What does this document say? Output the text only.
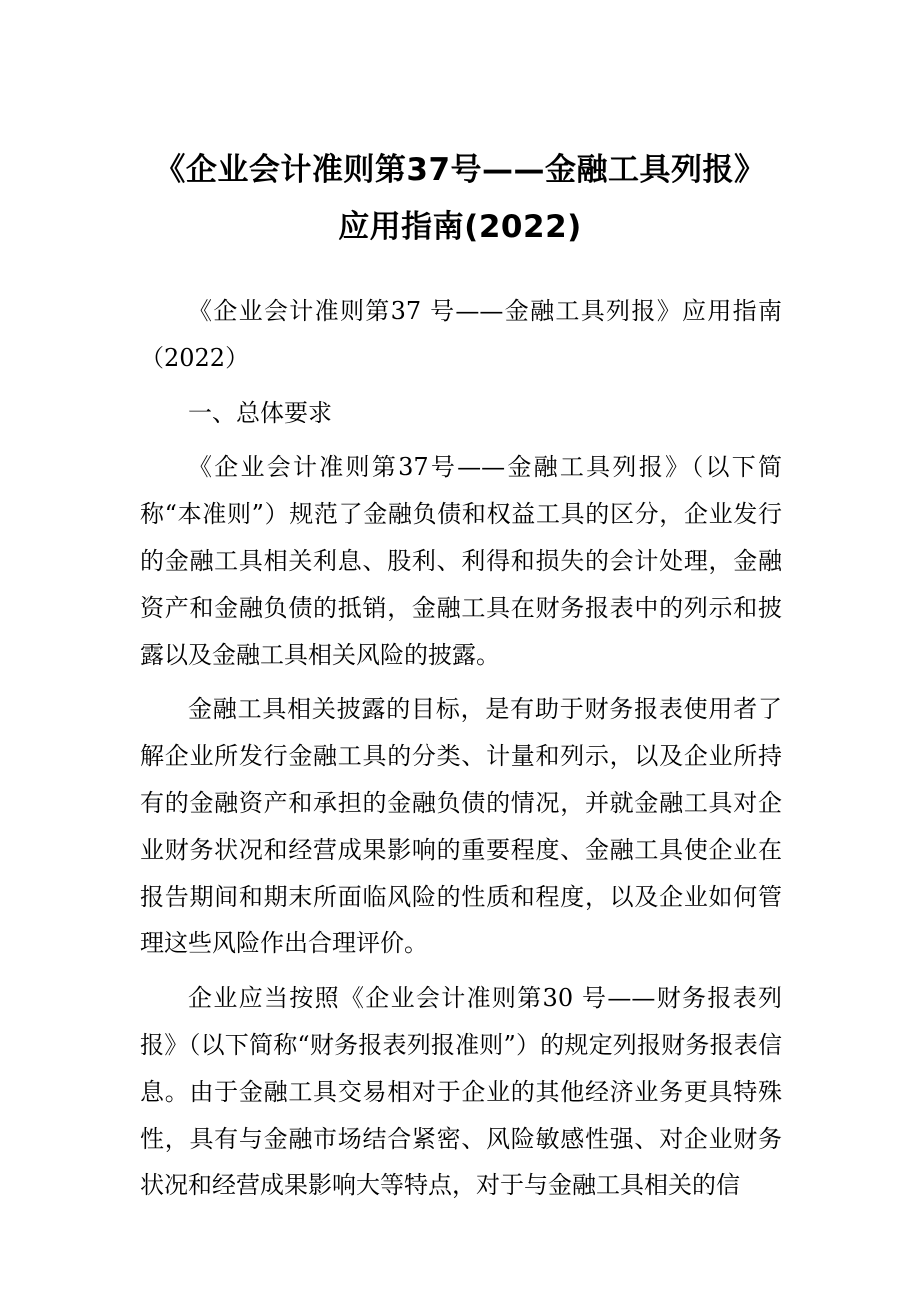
《企业会计准则第37号——金融工具列报》
应用指南(2022)

《企业会计准则第37 号——金融工具列报》应用指南（2022）

一、总体要求

《企业会计准则第37号——金融工具列报》（以下简称“本准则”）规范了金融负债和权益工具的区分，企业发行的金融工具相关利息、股利、利得和损失的会计处理，金融资产和金融负债的抵销，金融工具在财务报表中的列示和披露以及金融工具相关风险的披露。

金融工具相关披露的目标，是有助于财务报表使用者了解企业所发行金融工具的分类、计量和列示，以及企业所持有的金融资产和承担的金融负债的情况，并就金融工具对企业财务状况和经营成果影响的重要程度、金融工具使企业在报告期间和期末所面临风险的性质和程度，以及企业如何管理这些风险作出合理评价。

企业应当按照《企业会计准则第30 号——财务报表列报》（以下简称“财务报表列报准则”）的规定列报财务报表信息。由于金融工具交易相对于企业的其他经济业务更具特殊性，具有与金融市场结合紧密、风险敏感性强、对企业财务状况和经营成果影响大等特点，对于与金融工具相关的信
